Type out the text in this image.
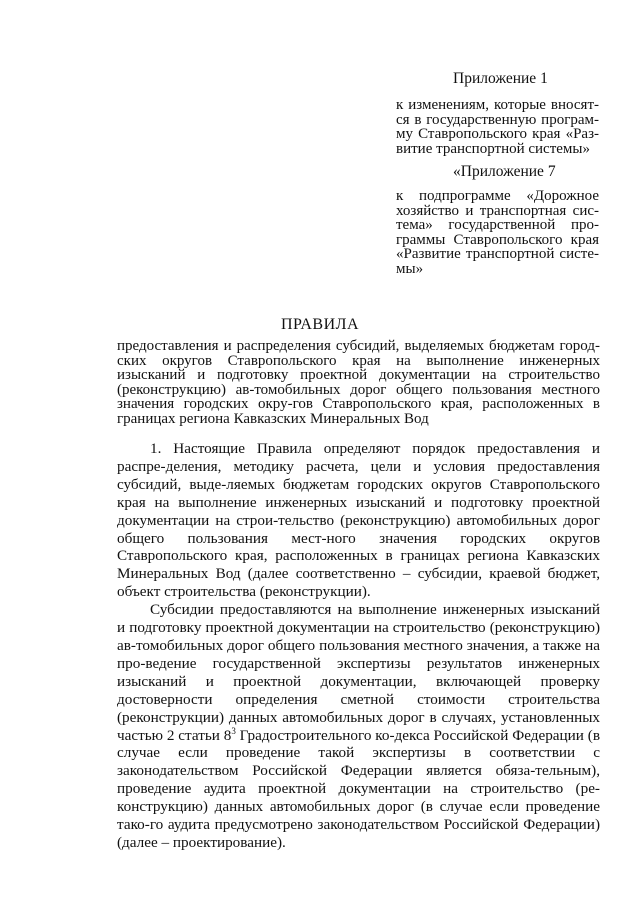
Приложение 1
к изменениям, которые вносят-ся в государственную програм-му Ставропольского края «Раз-витие транспортной системы»
«Приложение 7
к подпрограмме «Дорожное хозяйство и транспортная сис-тема» государственной про-граммы Ставропольского края «Развитие транспортной систе-мы»
ПРАВИЛА
предоставления и распределения субсидий, выделяемых бюджетам город-ских округов Ставропольского края на выполнение инженерных изысканий и подготовку проектной документации на строительство (реконструкцию) ав-томобильных дорог общего пользования местного значения городских окру-гов Ставропольского края, расположенных в границах региона Кавказских Минеральных Вод

1. Настоящие Правила определяют порядок предоставления и распре-деления, методику расчета, цели и условия предоставления субсидий, выде-ляемых бюджетам городских округов Ставропольского края на выполнение инженерных изысканий и подготовку проектной документации на строи-тельство (реконструкцию) автомобильных дорог общего пользования мест-ного значения городских округов Ставропольского края, расположенных в границах региона Кавказских Минеральных Вод (далее соответственно – субсидии, краевой бюджет, объект строительства (реконструкции).

Субсидии предоставляются на выполнение инженерных изысканий и подготовку проектной документации на строительство (реконструкцию) ав-томобильных дорог общего пользования местного значения, а также на про-ведение государственной экспертизы результатов инженерных изысканий и проектной документации, включающей проверку достоверности определения сметной стоимости строительства (реконструкции) данных автомобильных дорог в случаях, установленных частью 2 статьи $8^3$ Градостроительного ко-декса Российской Федерации (в случае если проведение такой экспертизы в соответствии с законодательством Российской Федерации является обяза-тельным), проведение аудита проектной документации на строительство (ре-конструкцию) данных автомобильных дорог (в случае если проведение тако-го аудита предусмотрено законодательством Российской Федерации) (далее – проектирование).
